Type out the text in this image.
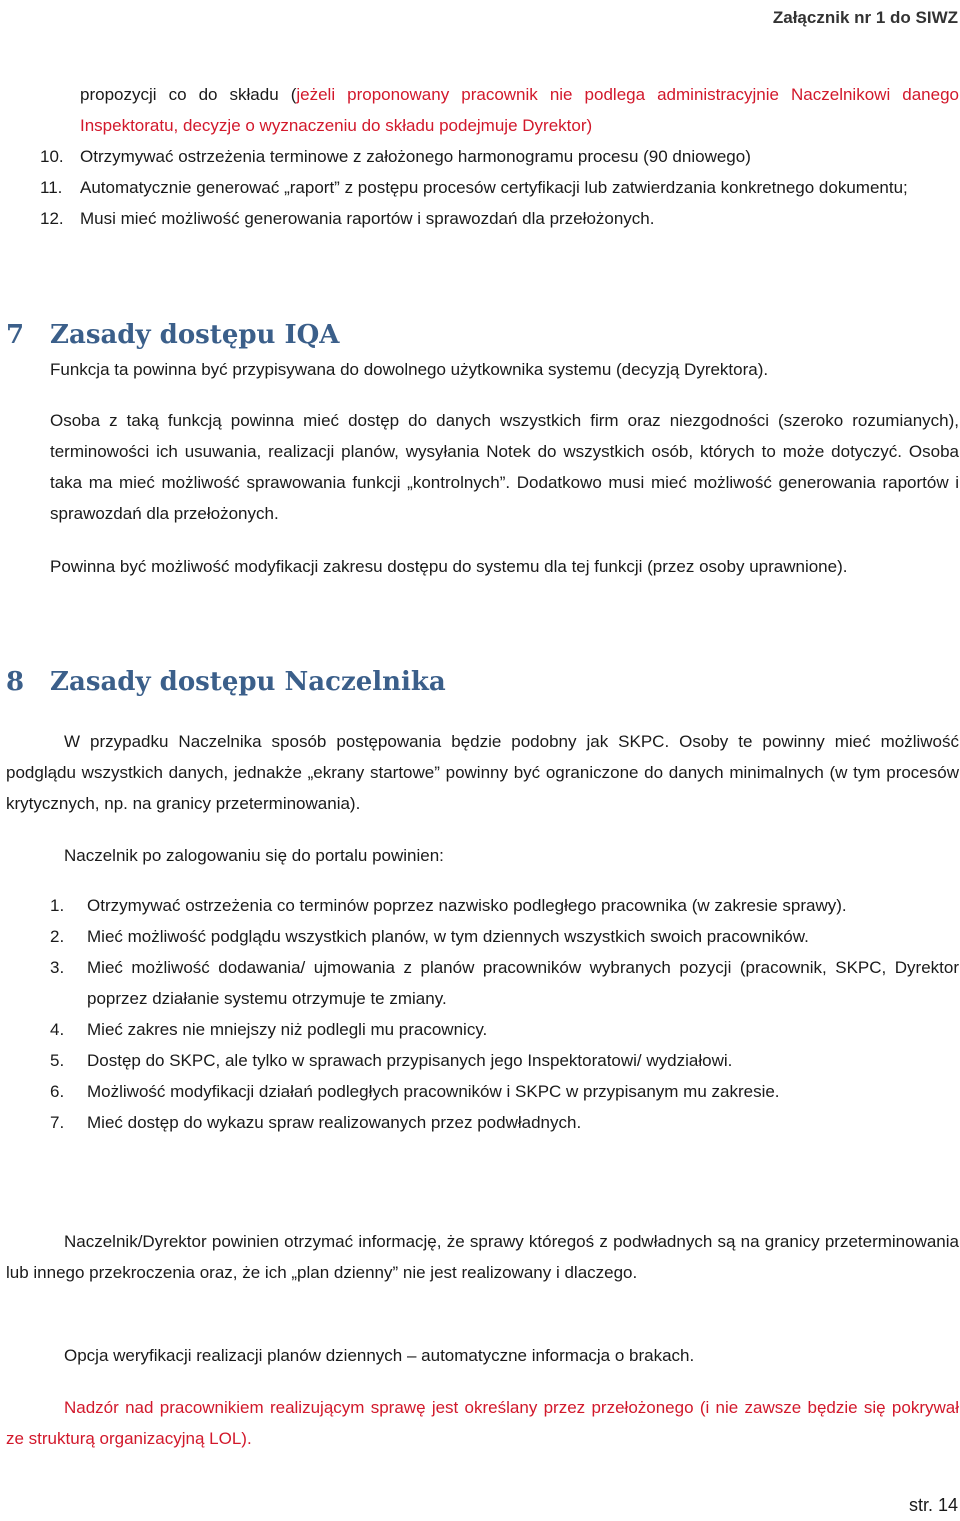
Załącznik nr 1 do SIWZ
propozycji co do składu (jeżeli proponowany pracownik nie podlega administracyjnie Naczelnikowi danego Inspektoratu, decyzje o wyznaczeniu do składu podejmuje Dyrektor)
10. Otrzymywać ostrzeżenia terminowe z założonego harmonogramu procesu (90 dniowego)
11.	Automatycznie generować „raport” z postępu procesów certyfikacji lub zatwierdzania konkretnego dokumentu;
12. Musi mieć możliwość generowania raportów i sprawozdań dla przełożonych.
7 Zasady dostępu IQA
Funkcja ta powinna być przypisywana do dowolnego użytkownika systemu (decyzją Dyrektora).
Osoba z taką funkcją powinna mieć dostęp do danych wszystkich firm oraz niezgodności (szeroko rozumianych), terminowości ich usuwania, realizacji planów, wysyłania Notek do wszystkich osób, których to może dotyczyć. Osoba taka ma mieć możliwość sprawowania funkcji „kontrolnych”. Dodatkowo musi mieć możliwość generowania raportów i sprawozdań dla przełożonych.
Powinna być możliwość modyfikacji zakresu dostępu do systemu dla tej funkcji (przez osoby uprawnione).
8 Zasady dostępu Naczelnika
W przypadku Naczelnika sposób postępowania będzie podobny jak SKPC. Osoby te powinny mieć możliwość podglądu wszystkich danych, jednakże „ekrany startowe” powinny być ograniczone do danych minimalnych (w tym procesów krytycznych, np. na granicy przeterminowania).
Naczelnik po zalogowaniu się do portalu powinien:
1. Otrzymywać ostrzeżenia co terminów poprzez nazwisko podległego pracownika (w zakresie sprawy).
2. Mieć możliwość podglądu wszystkich planów, w tym dziennych wszystkich swoich pracowników.
3. Mieć możliwość dodawania/ ujmowania z planów pracowników wybranych pozycji (pracownik, SKPC, Dyrektor poprzez działanie systemu otrzymuje te zmiany.
4. Mieć zakres nie mniejszy niż podlegli mu pracownicy.
5. Dostęp do SKPC, ale tylko w sprawach przypisanych jego Inspektoratowi/ wydziałowi.
6. Możliwość modyfikacji działań podległych pracowników i SKPC w przypisanym mu zakresie.
7. Mieć dostęp do wykazu spraw realizowanych przez podwładnych.
Naczelnik/Dyrektor powinien otrzymać informację, że sprawy któregoś z podwładnych są na granicy przeterminowania lub innego przekroczenia oraz, że ich „plan dzienny” nie jest realizowany i dlaczego.
Opcja weryfikacji realizacji planów dziennych – automatyczne informacja o brakach.
Nadzór nad pracownikiem realizującym sprawę jest określany przez przełożonego (i nie zawsze będzie się pokrywał ze strukturą organizacyjną LOL).
str. 14
